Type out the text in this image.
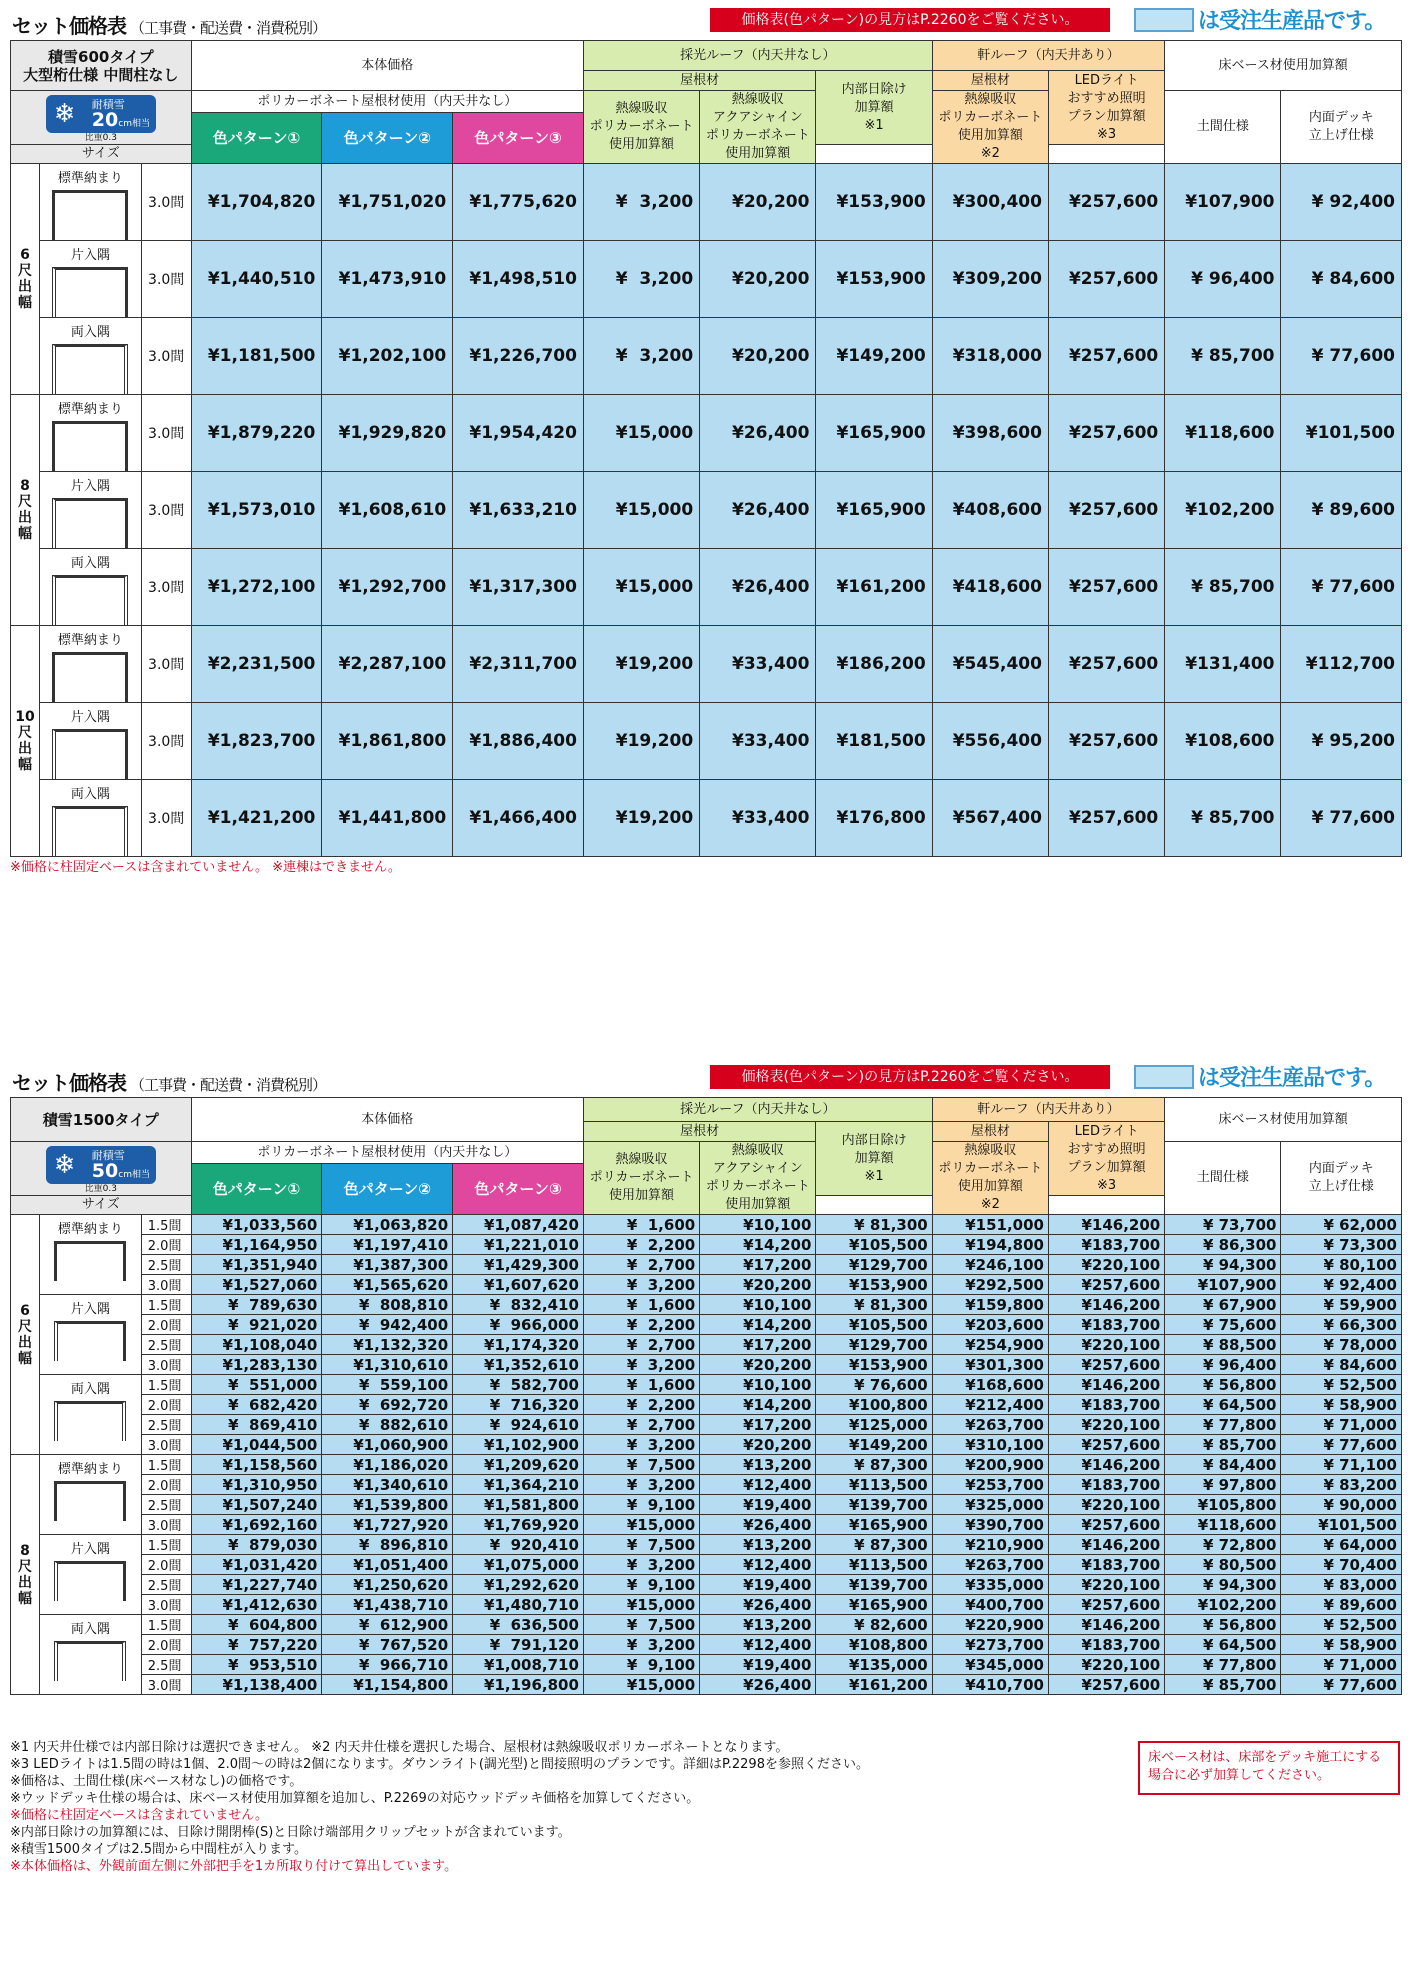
セット価格表 （工事費・配送費・消費税別）	価格表(色パターン)の見方はP.2260をご覧ください。	は受注生産品です。
積雪600タイプ
大型桁仕様 中間柱なし			本体価格			採光ルーフ（内天井なし）			軒ルーフ（内天井あり）		床ベース材使用加算額	
						屋根材		内部日除け
加算額
※1	屋根材	LEDライト
おすすめ照明
プラン加算額
※3		

❄ 耐積雪
20cm相当
比重0.3			ポリカーボネート屋根材使用（内天井なし）			熱線吸収
ポリカーボネート
使用加算額	熱線吸収
アクアシャイン
ポリカーボネート
使用加算額		熱線吸収
ポリカーボネート
使用加算額
※2		土間仕様	内面デッキ
立上げ仕様
			色パターン①	色パターン②	色パターン③							
サイズ												
6尺出幅	標準納まり	3.0間	¥1,704,820	¥1,751,020	¥1,775,620	¥  3,200	¥20,200	¥153,900	¥300,400	¥257,600	¥107,900	¥ 92,400
	片入隅	3.0間	¥1,440,510	¥1,473,910	¥1,498,510	¥  3,200	¥20,200	¥153,900	¥309,200	¥257,600	¥ 96,400	¥ 84,600
	両入隅	3.0間	¥1,181,500	¥1,202,100	¥1,226,700	¥  3,200	¥20,200	¥149,200	¥318,000	¥257,600	¥ 85,700	¥ 77,600
8尺出幅	標準納まり	3.0間	¥1,879,220	¥1,929,820	¥1,954,420	¥15,000	¥26,400	¥165,900	¥398,600	¥257,600	¥118,600	¥101,500
	片入隅	3.0間	¥1,573,010	¥1,608,610	¥1,633,210	¥15,000	¥26,400	¥165,900	¥408,600	¥257,600	¥102,200	¥ 89,600
	両入隅	3.0間	¥1,272,100	¥1,292,700	¥1,317,300	¥15,000	¥26,400	¥161,200	¥418,600	¥257,600	¥ 85,700	¥ 77,600
10尺出幅	標準納まり	3.0間	¥2,231,500	¥2,287,100	¥2,311,700	¥19,200	¥33,400	¥186,200	¥545,400	¥257,600	¥131,400	¥112,700
	片入隅	3.0間	¥1,823,700	¥1,861,800	¥1,886,400	¥19,200	¥33,400	¥181,500	¥556,400	¥257,600	¥108,600	¥ 95,200
	両入隅	3.0間	¥1,421,200	¥1,441,800	¥1,466,400	¥19,200	¥33,400	¥176,800	¥567,400	¥257,600	¥ 85,700	¥ 77,600
※価格に柱固定ベースは含まれていません。 ※連棟はできません。
セット価格表 （工事費・配送費・消費税別）	価格表(色パターン)の見方はP.2260をご覧ください。	は受注生産品です。
積雪1500タイプ			本体価格			採光ルーフ（内天井なし）			軒ルーフ（内天井あり）		床ベース材使用加算額	
						屋根材		内部日除け
加算額
※1	屋根材	LEDライト
おすすめ照明
プラン加算額
※3		

❄ 耐積雪
50cm相当
比重0.3			ポリカーボネート屋根材使用（内天井なし）			熱線吸収
ポリカーボネート
使用加算額	熱線吸収
アクアシャイン
ポリカーボネート
使用加算額		熱線吸収
ポリカーボネート
使用加算額
※2		土間仕様	内面デッキ
立上げ仕様
			色パターン①	色パターン②	色パターン③							
サイズ												
6尺出幅	標準納まり	1.5間	¥1,033,560	¥1,063,820	¥1,087,420	¥  1,600	¥10,100	¥ 81,300	¥151,000	¥146,200	¥ 73,700	¥ 62,000
		2.0間	¥1,164,950	¥1,197,410	¥1,221,010	¥  2,200	¥14,200	¥105,500	¥194,800	¥183,700	¥ 86,300	¥ 73,300
		2.5間	¥1,351,940	¥1,387,300	¥1,429,300	¥  2,700	¥17,200	¥129,700	¥246,100	¥220,100	¥ 94,300	¥ 80,100
		3.0間	¥1,527,060	¥1,565,620	¥1,607,620	¥  3,200	¥20,200	¥153,900	¥292,500	¥257,600	¥107,900	¥ 92,400
	片入隅	1.5間	¥  789,630	¥  808,810	¥  832,410	¥  1,600	¥10,100	¥ 81,300	¥159,800	¥146,200	¥ 67,900	¥ 59,900
		2.0間	¥  921,020	¥  942,400	¥  966,000	¥  2,200	¥14,200	¥105,500	¥203,600	¥183,700	¥ 75,600	¥ 66,300
		2.5間	¥1,108,040	¥1,132,320	¥1,174,320	¥  2,700	¥17,200	¥129,700	¥254,900	¥220,100	¥ 88,500	¥ 78,000
		3.0間	¥1,283,130	¥1,310,610	¥1,352,610	¥  3,200	¥20,200	¥153,900	¥301,300	¥257,600	¥ 96,400	¥ 84,600
	両入隅	1.5間	¥  551,000	¥  559,100	¥  582,700	¥  1,600	¥10,100	¥ 76,600	¥168,600	¥146,200	¥ 56,800	¥ 52,500
		2.0間	¥  682,420	¥  692,720	¥  716,320	¥  2,200	¥14,200	¥100,800	¥212,400	¥183,700	¥ 64,500	¥ 58,900
		2.5間	¥  869,410	¥  882,610	¥  924,610	¥  2,700	¥17,200	¥125,000	¥263,700	¥220,100	¥ 77,800	¥ 71,000
		3.0間	¥1,044,500	¥1,060,900	¥1,102,900	¥  3,200	¥20,200	¥149,200	¥310,100	¥257,600	¥ 85,700	¥ 77,600
8尺出幅	標準納まり	1.5間	¥1,158,560	¥1,186,020	¥1,209,620	¥  7,500	¥13,200	¥ 87,300	¥200,900	¥146,200	¥ 84,400	¥ 71,100
		2.0間	¥1,310,950	¥1,340,610	¥1,364,210	¥  3,200	¥12,400	¥113,500	¥253,700	¥183,700	¥ 97,800	¥ 83,200
		2.5間	¥1,507,240	¥1,539,800	¥1,581,800	¥  9,100	¥19,400	¥139,700	¥325,000	¥220,100	¥105,800	¥ 90,000
		3.0間	¥1,692,160	¥1,727,920	¥1,769,920	¥15,000	¥26,400	¥165,900	¥390,700	¥257,600	¥118,600	¥101,500
	片入隅	1.5間	¥  879,030	¥  896,810	¥  920,410	¥  7,500	¥13,200	¥ 87,300	¥210,900	¥146,200	¥ 72,800	¥ 64,000
		2.0間	¥1,031,420	¥1,051,400	¥1,075,000	¥  3,200	¥12,400	¥113,500	¥263,700	¥183,700	¥ 80,500	¥ 70,400
		2.5間	¥1,227,740	¥1,250,620	¥1,292,620	¥  9,100	¥19,400	¥139,700	¥335,000	¥220,100	¥ 94,300	¥ 83,000
		3.0間	¥1,412,630	¥1,438,710	¥1,480,710	¥15,000	¥26,400	¥165,900	¥400,700	¥257,600	¥102,200	¥ 89,600
	両入隅	1.5間	¥  604,800	¥  612,900	¥  636,500	¥  7,500	¥13,200	¥ 82,600	¥220,900	¥146,200	¥ 56,800	¥ 52,500
		2.0間	¥  757,220	¥  767,520	¥  791,120	¥  3,200	¥12,400	¥108,800	¥273,700	¥183,700	¥ 64,500	¥ 58,900
		2.5間	¥  953,510	¥  966,710	¥1,008,710	¥  9,100	¥19,400	¥135,000	¥345,000	¥220,100	¥ 77,800	¥ 71,000
		3.0間	¥1,138,400	¥1,154,800	¥1,196,800	¥15,000	¥26,400	¥161,200	¥410,700	¥257,600	¥ 85,700	¥ 77,600
※1 内天井仕様では内部日除けは選択できません。 ※2 内天井仕様を選択した場合、屋根材は熱線吸収ポリカーボネートとなります。
※3 LEDライトは1.5間の時は1個、2.0間～の時は2個になります。ダウンライト(調光型)と間接照明のプランです。詳細はP.2298を参照ください。
※価格は、土間仕様(床ベース材なし)の価格です。
※ウッドデッキ仕様の場合は、床ベース材使用加算額を追加し、P.2269の対応ウッドデッキ価格を加算してください。
※価格に柱固定ベースは含まれていません。
※内部日除けの加算額には、日除け開閉棒(S)と日除け端部用クリップセットが含まれています。
※積雪1500タイプは2.5間から中間柱が入ります。
※本体価格は、外観前面左側に外部把手を1カ所取り付けて算出しています。
床ベース材は、床部をデッキ施工にする場合に必ず加算してください。
